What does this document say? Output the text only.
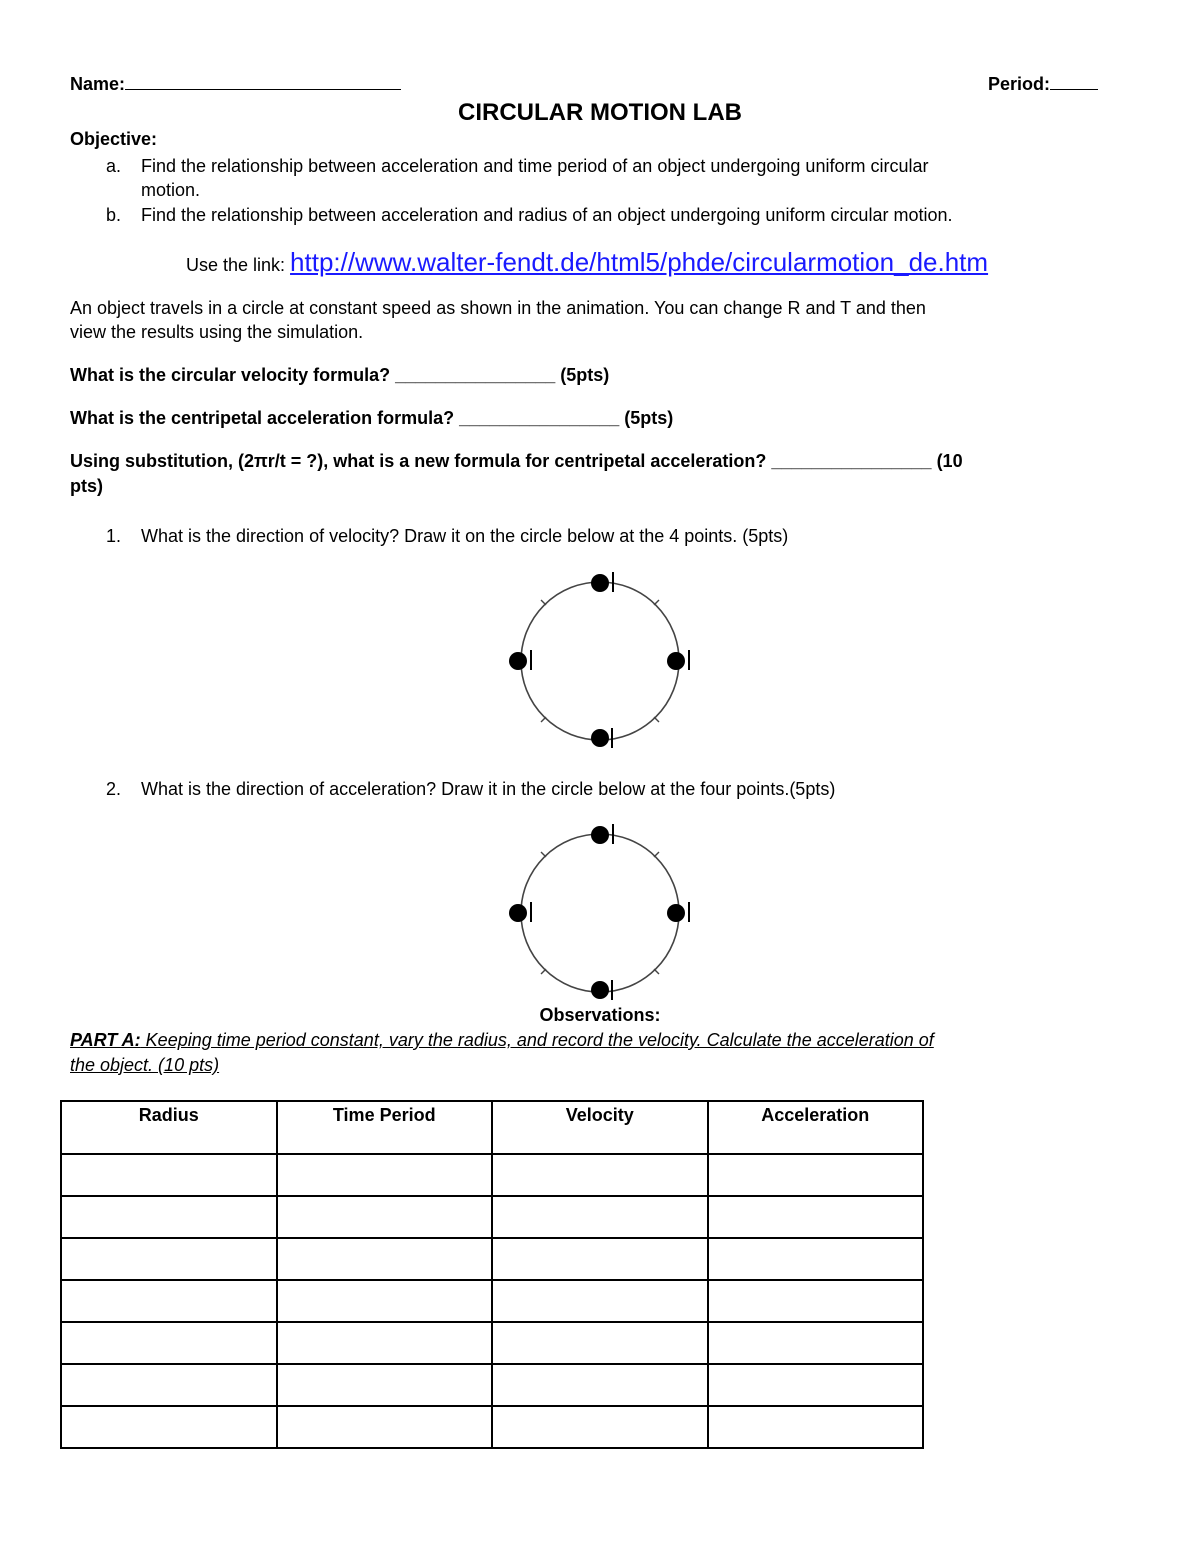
Name:	Period:
CIRCULAR MOTION LAB
Objective:
a. Find the relationship between acceleration and time period of an object undergoing uniform circular
motion.
b. Find the relationship between acceleration and radius of an object undergoing uniform circular motion.
Use the link: http://www.walter-fendt.de/html5/phde/circularmotion_de.htm
An object travels in a circle at constant speed as shown in the animation. You can change R and T and then
view the results using the simulation.
What is the circular velocity formula? ________________ (5pts)
What is the centripetal acceleration formula? ________________ (5pts)
Using substitution, (2πr/t = ?), what is a new formula for centripetal acceleration? ________________ (10
pts)
1. What is the direction of velocity? Draw it on the circle below at the 4 points. (5pts)
2. What is the direction of acceleration? Draw it in the circle below at the four points.(5pts)
Observations:
PART A: Keeping time period constant, vary the radius, and record the velocity. Calculate the acceleration of
the object. (10 pts)
Radius	Time Period	Velocity	Acceleration
